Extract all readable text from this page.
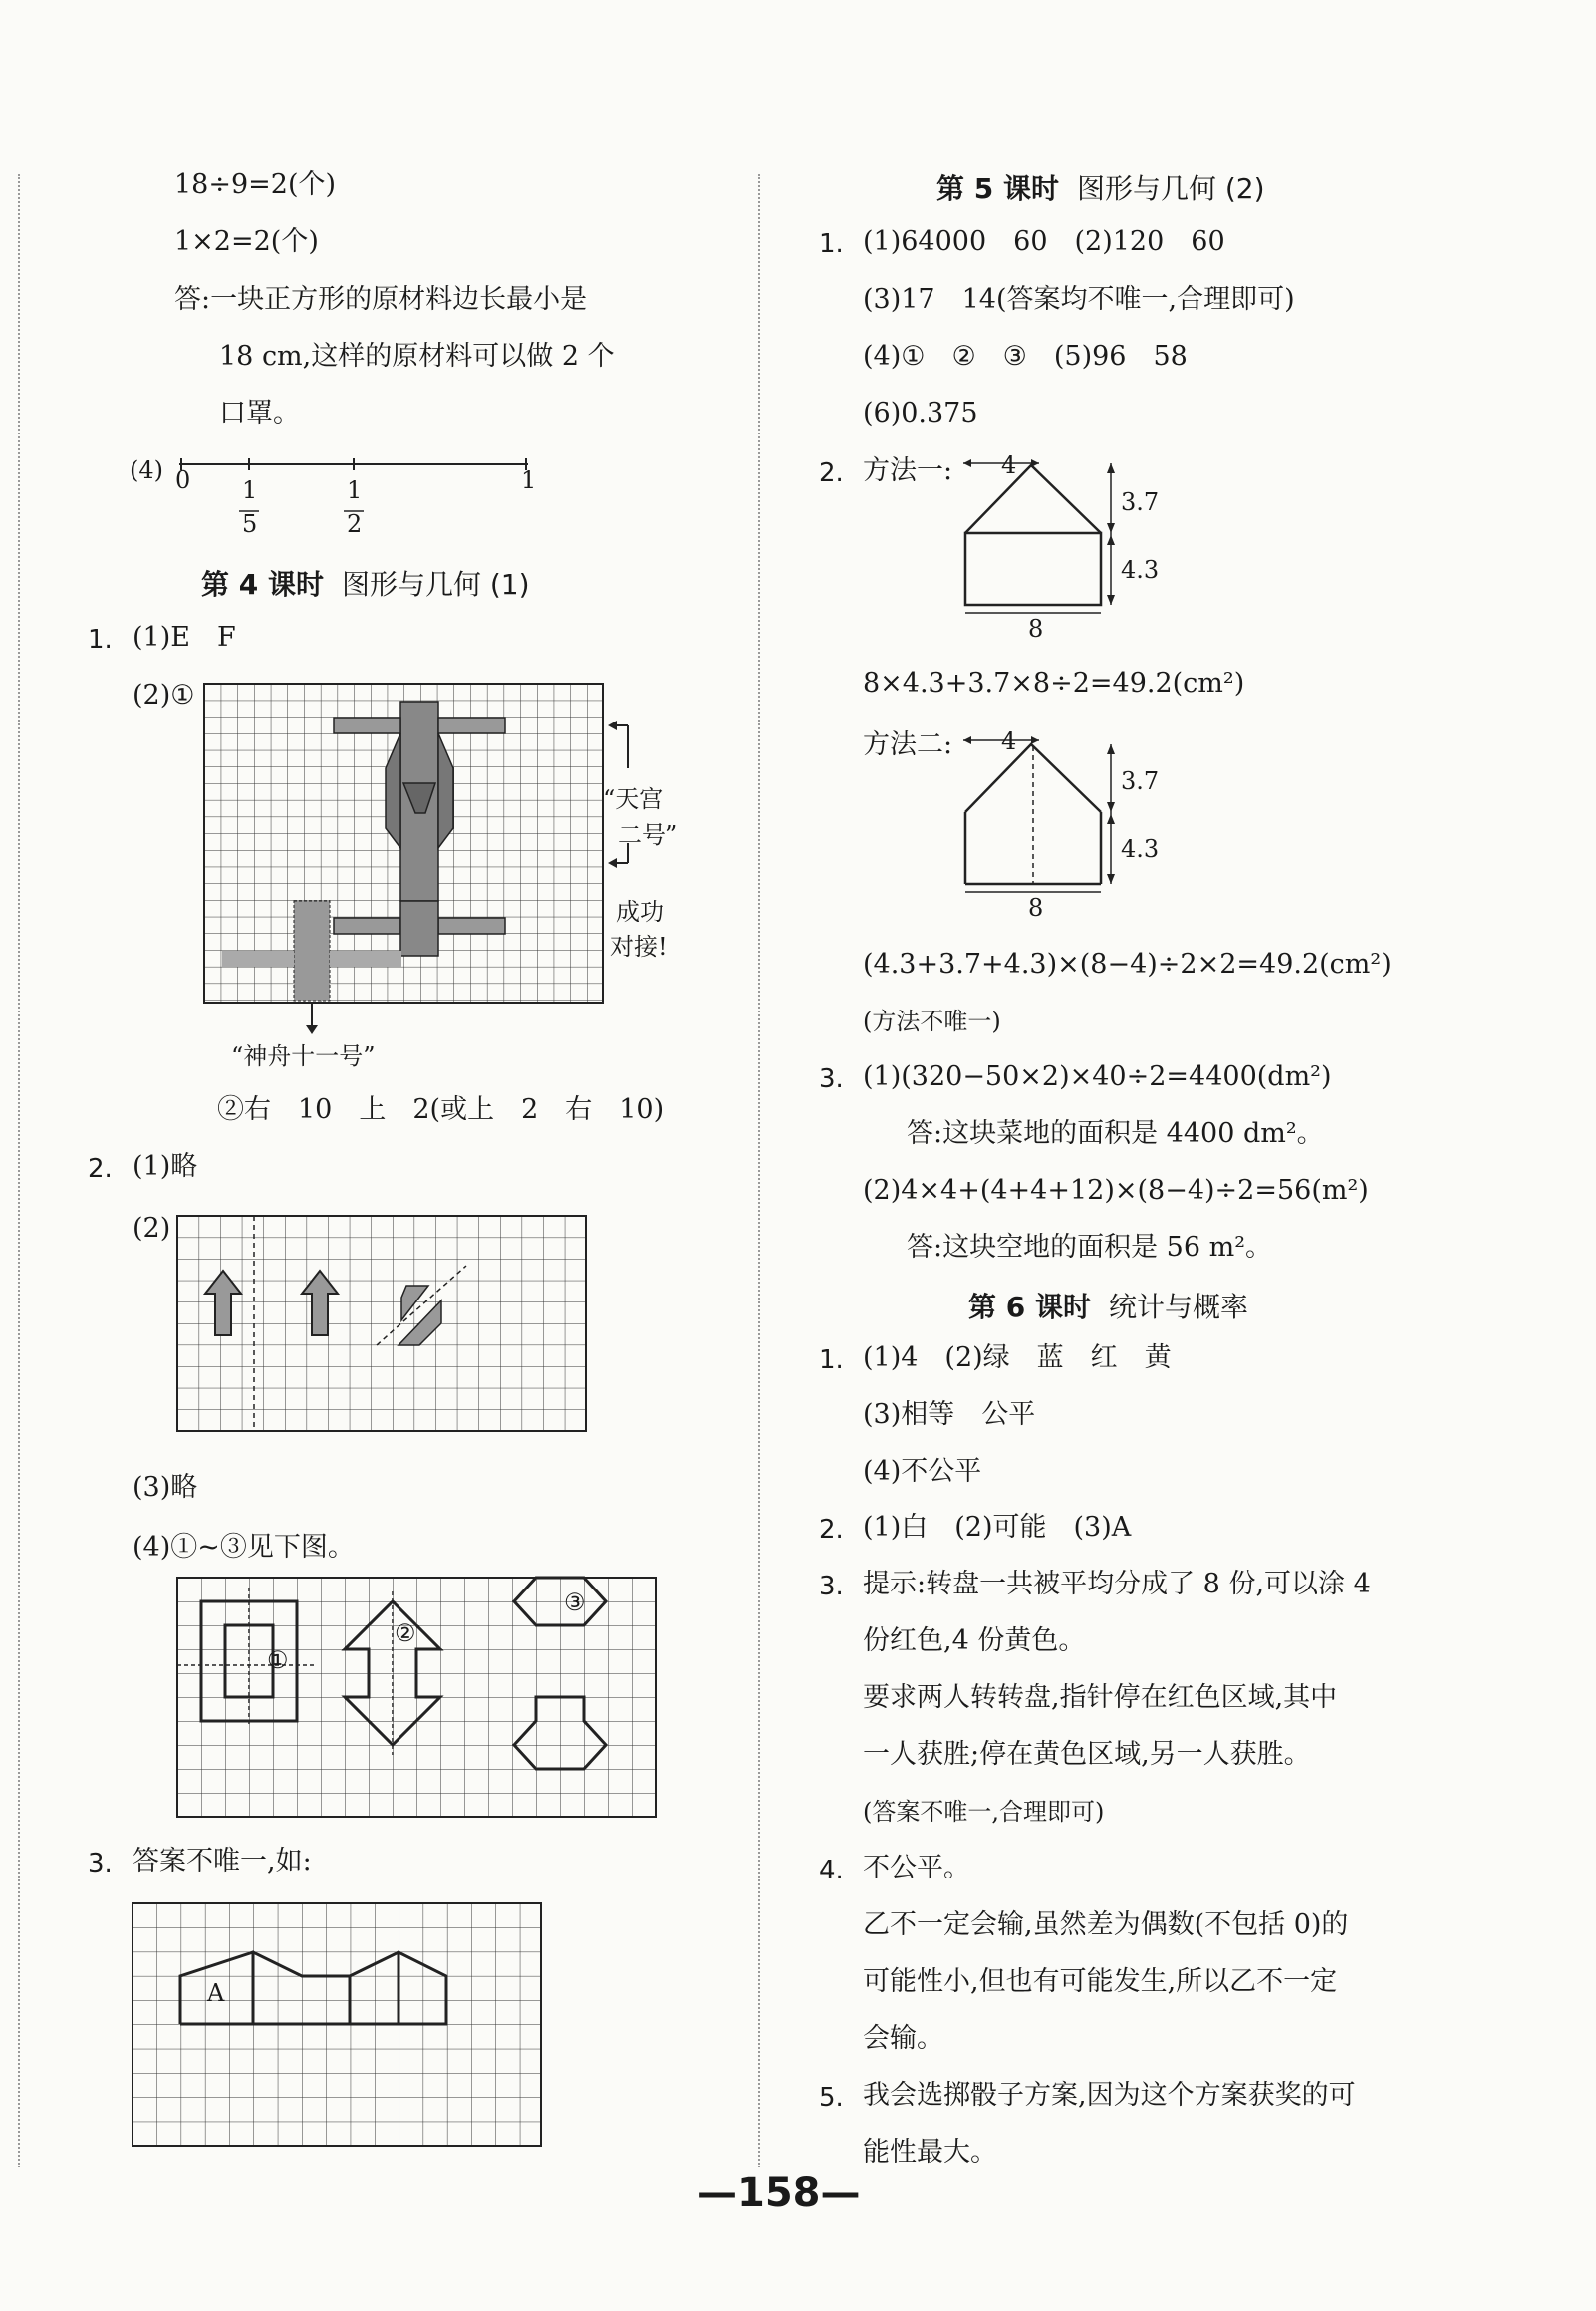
18÷9=2(个)
1×2=2(个)
答:一块正方形的原材料边长最小是
18 cm,这样的原材料可以做 2 个
口罩。
(4) 0	1
1
5
1
2
第 4 课时 图形与几何 (1)
1. (1)E　F
(2)①
“天宫
二号”
成功
对接!
“神舟十一号”
②右　10　上　2(或上　2　右　10)
2. (1)略
(2)
(3)略
(4)①~③见下图。
①
②
③
3. 答案不唯一,如:
A
第 5 课时 图形与几何 (2)
1. (1)64000　60　(2)120　60
(3)17　14(答案均不唯一,合理即可)
(4)①　②　③　(5)96　58
(6)0.375
2. 方法一: 4
3.7
4.3
8
8×4.3+3.7×8÷2=49.2(cm²)
方法二: 4
3.7
4.3
8
(4.3+3.7+4.3)×(8−4)÷2×2=49.2(cm²)
(方法不唯一)
3. (1)(320−50×2)×40÷2=4400(dm²)
答:这块菜地的面积是 4400 dm²。
(2)4×4+(4+4+12)×(8−4)÷2=56(m²)
答:这块空地的面积是 56 m²。
第 6 课时 统计与概率
1. (1)4　(2)绿　蓝　红　黄
(3)相等　公平
(4)不公平
2. (1)白　(2)可能　(3)A
3. 提示:转盘一共被平均分成了 8 份,可以涂 4
份红色,4 份黄色。
要求两人转转盘,指针停在红色区域,其中
一人获胜;停在黄色区域,另一人获胜。
(答案不唯一,合理即可)
4. 不公平。
乙不一定会输,虽然差为偶数(不包括 0)的
可能性小,但也有可能发生,所以乙不一定
会输。
5. 我会选掷骰子方案,因为这个方案获奖的可
能性最大。
—158—
